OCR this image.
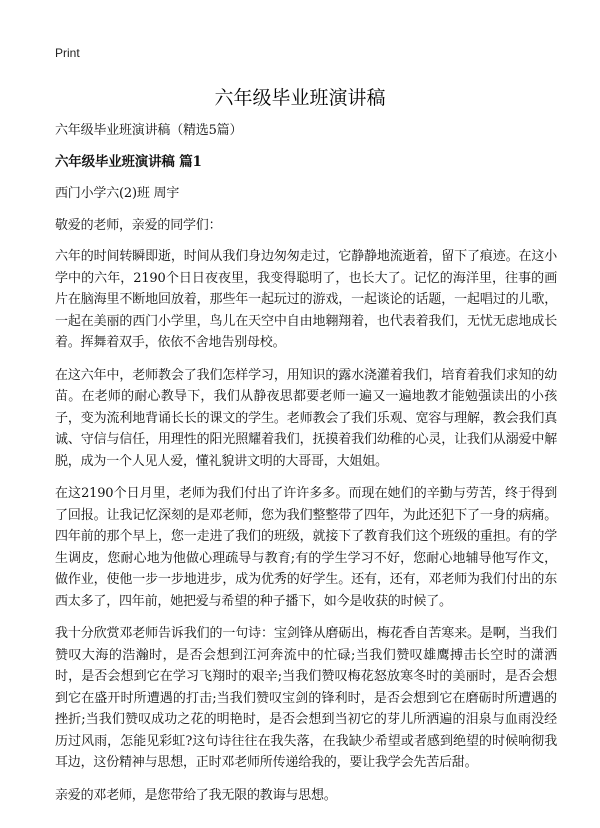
Print
六年级毕业班演讲稿

六年级毕业班演讲稿（精选5篇）

六年级毕业班演讲稿 篇1

西门小学六(2)班 周宇

敬爱的老师，亲爱的同学们：

六年的时间转瞬即逝，时间从我们身边匆匆走过，它静静地流逝着，留下了痕迹。在这小学中的六年，2190个日日夜夜里，我变得聪明了，也长大了。记忆的海洋里，往事的画片在脑海里不断地回放着，那些年一起玩过的游戏，一起谈论的话题，一起唱过的儿歌，一起在美丽的西门小学里，鸟儿在天空中自由地翱翔着，也代表着我们，无忧无虑地成长着。挥舞着双手，依依不舍地告别母校。

在这六年中，老师教会了我们怎样学习，用知识的露水浇灌着我们，培育着我们求知的幼苗。在老师的耐心教导下，我们从静夜思都要老师一遍又一遍地教才能勉强读出的小孩子，变为流利地背诵长长的课文的学生。老师教会了我们乐观、宽容与理解，教会我们真诚、守信与信任，用理性的阳光照耀着我们，抚摸着我们幼稚的心灵，让我们从溺爱中解脱，成为一个人见人爱，懂礼貌讲文明的大哥哥，大姐姐。

在这2190个日月里，老师为我们付出了许许多多。而现在她们的辛勤与劳苦，终于得到了回报。让我记忆深刻的是邓老师，您为我们整整带了四年，为此还犯下了一身的病痛。四年前的那个早上，您一走进了我们的班级，就接下了教育我们这个班级的重担。有的学生调皮，您耐心地为他做心理疏导与教育;有的学生学习不好，您耐心地辅导他写作文，做作业，使他一步一步地进步，成为优秀的好学生。还有，还有，邓老师为我们付出的东西太多了，四年前，她把爱与希望的种子播下，如今是收获的时候了。

我十分欣赏邓老师告诉我们的一句诗：宝剑锋从磨砺出，梅花香自苦寒来。是啊，当我们赞叹大海的浩瀚时，是否会想到江河奔流中的忙碌;当我们赞叹雄鹰搏击长空时的潇洒时，是否会想到它在学习飞翔时的艰辛;当我们赞叹梅花怒放寒冬时的美丽时，是否会想到它在盛开时所遭遇的打击;当我们赞叹宝剑的锋利时，是否会想到它在磨砺时所遭遇的挫折;当我们赞叹成功之花的明艳时，是否会想到当初它的芽儿所洒遍的泪泉与血雨没经历过风雨，怎能见彩虹?这句诗往往在我失落，在我缺少希望或者感到绝望的时候响彻我耳边，这份精神与思想，正时邓老师所传递给我的，要让我学会先苦后甜。

亲爱的邓老师，是您带给了我无限的教诲与思想。
